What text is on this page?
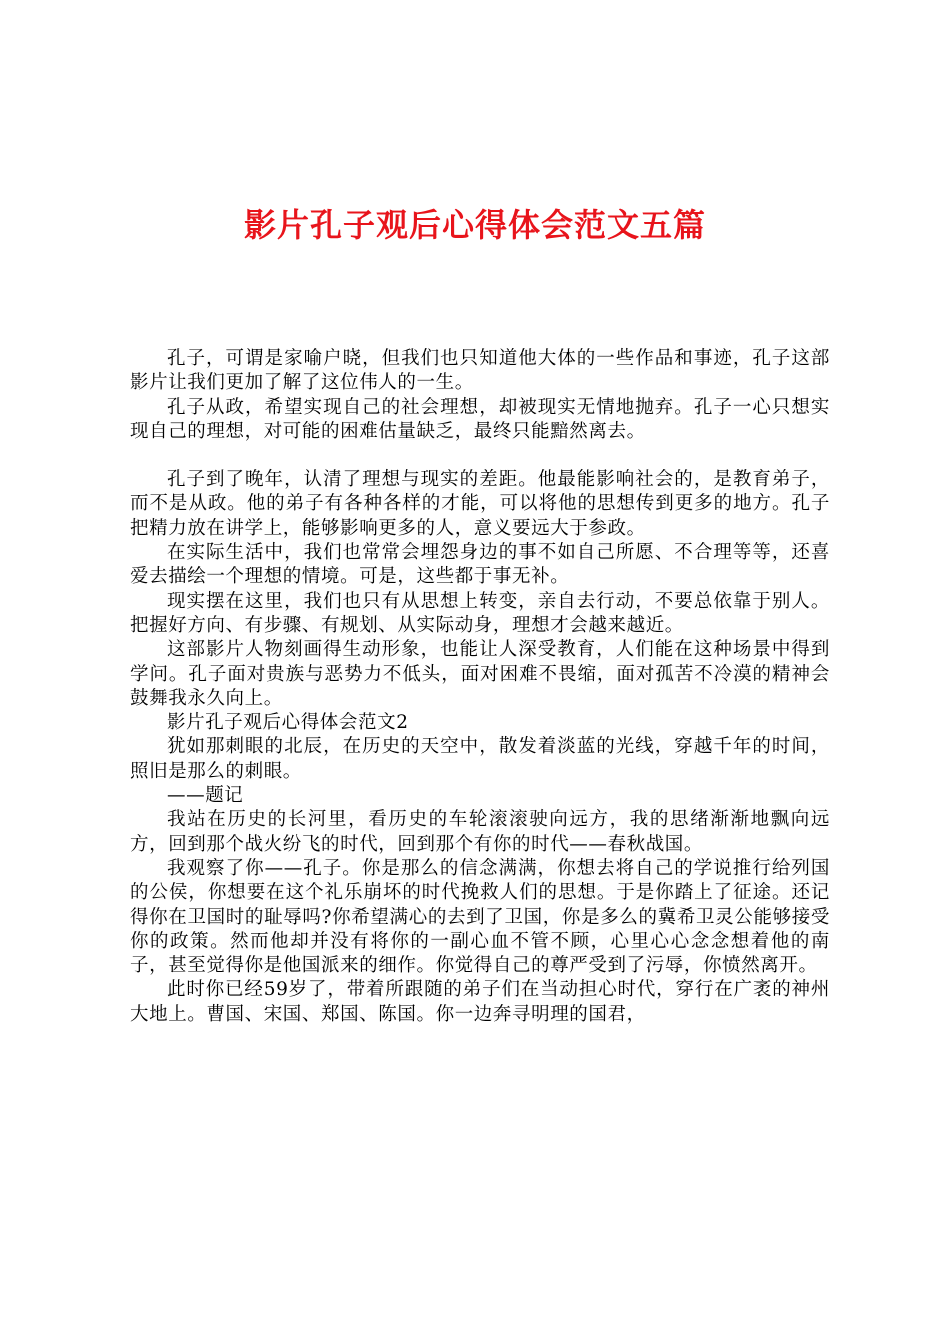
影片孔子观后心得体会范文五篇

孔子，可谓是家喻户晓，但我们也只知道他大体的一些作品和事迹，孔子这部影片让我们更加了解了这位伟人的一生。

孔子从政，希望实现自己的社会理想，却被现实无情地抛弃。孔子一心只想实现自己的理想，对可能的困难估量缺乏，最终只能黯然离去。

孔子到了晚年，认清了理想与现实的差距。他最能影响社会的，是教育弟子，而不是从政。他的弟子有各种各样的才能，可以将他的思想传到更多的地方。孔子把精力放在讲学上，能够影响更多的人，意义要远大于参政。

在实际生活中，我们也常常会埋怨身边的事不如自己所愿、不合理等等，还喜爱去描绘一个理想的情境。可是，这些都于事无补。

现实摆在这里，我们也只有从思想上转变，亲自去行动，不要总依靠于别人。把握好方向、有步骤、有规划、从实际动身，理想才会越来越近。

这部影片人物刻画得生动形象，也能让人深受教育，人们能在这种场景中得到学问。孔子面对贵族与恶势力不低头，面对困难不畏缩，面对孤苦不冷漠的精神会鼓舞我永久向上。

影片孔子观后心得体会范文2

犹如那刺眼的北辰，在历史的天空中，散发着淡蓝的光线，穿越千年的时间，照旧是那么的刺眼。

——题记

我站在历史的长河里，看历史的车轮滚滚驶向远方，我的思绪渐渐地飘向远方，回到那个战火纷飞的时代，回到那个有你的时代——春秋战国。

我观察了你——孔子。你是那么的信念满满，你想去将自己的学说推行给列国的公侯，你想要在这个礼乐崩坏的时代挽救人们的思想。于是你踏上了征途。还记得你在卫国时的耻辱吗?你希望满心的去到了卫国，你是多么的冀希卫灵公能够接受你的政策。然而他却并没有将你的一副心血不管不顾，心里心心念念想着他的南子，甚至觉得你是他国派来的细作。你觉得自己的尊严受到了污辱，你愤然离开。

此时你已经59岁了，带着所跟随的弟子们在当动担心时代，穿行在广袤的神州大地上。曹国、宋国、郑国、陈国。你一边奔寻明理的国君，
